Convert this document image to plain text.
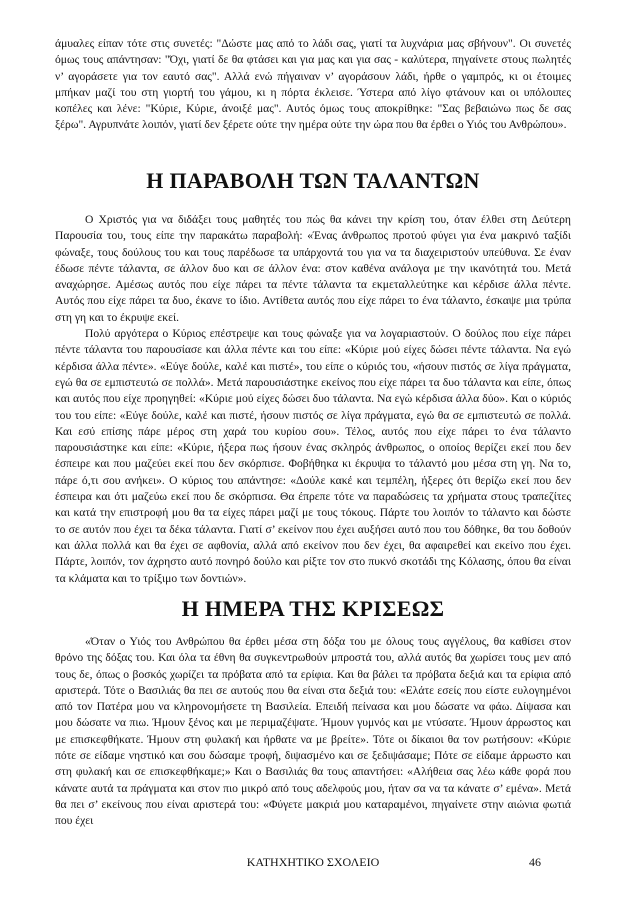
άμυαλες είπαν τότε στις συνετές: "Δώστε μας από το λάδι σας, γιατί τα λυχνάρια μας σβήνουν". Οι συνετές όμως τους απάντησαν: "Όχι, γιατί δε θα φτάσει και για μας και για σας - καλύτερα, πηγαίνετε στους πωλητές ν’ αγοράσετε για τον εαυτό σας". Αλλά ενώ πήγαιναν ν’ αγοράσουν λάδι, ήρθε ο γαμπρός, κι οι έτοιμες μπήκαν μαζί του στη γιορτή του γάμου, κι η πόρτα έκλεισε. Ύστερα από λίγο φτάνουν και οι υπόλοιπες κοπέλες και λένε: "Κύριε, Κύριε, άνοιξέ μας". Αυτός όμως τους αποκρίθηκε: "Σας βεβαιώνω πως δε σας ξέρω". Αγρυπνάτε λοιπόν, γιατί δεν ξέρετε ούτε την ημέρα ούτε την ώρα που θα έρθει ο Υιός του Ανθρώπου».

Η ΠΑΡΑΒΟΛΗ ΤΩΝ ΤΑΛΑΝΤΩΝ

Ο Χριστός για να διδάξει τους μαθητές του πώς θα κάνει την κρίση του, όταν έλθει στη Δεύτερη Παρουσία του, τους είπε την παρακάτω παραβολή: «Ένας άνθρωπος προτού φύγει για ένα μακρινό ταξίδι φώναξε, τους δούλους του και τους παρέδωσε τα υπάρχοντά του για να τα διαχειριστούν υπεύθυνα. Σε έναν έδωσε πέντε τάλαντα, σε άλλον δυο και σε άλλον ένα: στον καθένα ανάλογα με την ικανότητά του. Μετά αναχώρησε. Αμέσως αυτός που είχε πάρει τα πέντε τάλαντα τα εκμεταλλεύτηκε και κέρδισε άλλα πέντε. Αυτός που είχε πάρει τα δυο, έκανε το ίδιο. Αντίθετα αυτός που είχε πάρει το ένα τάλαντο, έσκαψε μια τρύπα στη γη και το έκρυψε εκεί.

Πολύ αργότερα ο Κύριος επέστρεψε και τους φώναξε για να λογαριαστούν. Ο δούλος που είχε πάρει πέντε τάλαντα του παρουσίασε και άλλα πέντε και του είπε: «Κύριε μού είχες δώσει πέντε τάλαντα. Να εγώ κέρδισα άλλα πέντε». «Εύγε δούλε, καλέ και πιστέ», του είπε ο κύριός του, «ήσουν πιστός σε λίγα πράγματα, εγώ θα σε εμπιστευτώ σε πολλά». Μετά παρουσιάστηκε εκείνος που είχε πάρει τα δυο τάλαντα και είπε, όπως και αυτός που είχε προηγηθεί: «Κύριε μού είχες δώσει δυο τάλαντα. Να εγώ κέρδισα άλλα δύο». Και ο κύριός του του είπε: «Εύγε δούλε, καλέ και πιστέ, ήσουν πιστός σε λίγα πράγματα, εγώ θα σε εμπιστευτώ σε πολλά. Και εσύ επίσης πάρε μέρος στη χαρά του κυρίου σου». Τέλος, αυτός που είχε πάρει το ένα τάλαντο παρουσιάστηκε και είπε: «Κύριε, ήξερα πως ήσουν ένας σκληρός άνθρωπος, ο οποίος θερίζει εκεί που δεν έσπειρε και που μαζεύει εκεί που δεν σκόρπισε. Φοβήθηκα κι έκρυψα το τάλαντό μου μέσα στη γη. Να το, πάρε ό,τι σου ανήκει». Ο κύριος του απάντησε: «Δούλε κακέ και τεμπέλη, ήξερες ότι θερίζω εκεί που δεν έσπειρα και ότι μαζεύω εκεί που δε σκόρπισα. Θα έπρεπε τότε να παραδώσεις τα χρήματα στους τραπεζίτες και κατά την επιστροφή μου θα τα είχες πάρει μαζί με τους τόκους. Πάρτε του λοιπόν το τάλαντο και δώστε το σε αυτόν που έχει τα δέκα τάλαντα. Γιατί σ’ εκείνον που έχει αυξήσει αυτό που του δόθηκε, θα του δοθούν και άλλα πολλά και θα έχει σε αφθονία, αλλά από εκείνον που δεν έχει, θα αφαιρεθεί και εκείνο που έχει. Πάρτε, λοιπόν, τον άχρηστο αυτό πονηρό δούλο και ρίξτε τον στο πυκνό σκοτάδι της Κόλασης, όπου θα είναι τα κλάματα και το τρίξιμο των δοντιών».

Η ΗΜΕΡΑ ΤΗΣ ΚΡΙΣΕΩΣ

«Όταν ο Υιός του Ανθρώπου θα έρθει μέσα στη δόξα του με όλους τους αγγέλους, θα καθίσει στον θρόνο της δόξας του. Και όλα τα έθνη θα συγκεντρωθούν μπροστά του, αλλά αυτός θα χωρίσει τους μεν από τους δε, όπως ο βοσκός χωρίζει τα πρόβατα από τα ερίφια. Και θα βάλει τα πρόβατα δεξιά και τα ερίφια από αριστερά. Τότε ο Βασιλιάς θα πει σε αυτούς που θα είναι στα δεξιά του: «Ελάτε εσείς που είστε ευλογημένοι από τον Πατέρα μου να κληρονομήσετε τη Βασιλεία. Επειδή πείνασα και μου δώσατε να φάω. Δίψασα και μου δώσατε να πιω. Ήμουν ξένος και με περιμαζέψατε. Ήμουν γυμνός και με ντύσατε. Ήμουν άρρωστος και με επισκεφθήκατε. Ήμουν στη φυλακή και ήρθατε να με βρείτε». Τότε οι δίκαιοι θα τον ρωτήσουν: «Κύριε πότε σε είδαμε νηστικό και σου δώσαμε τροφή, διψασμένο και σε ξεδιψάσαμε; Πότε σε είδαμε άρρωστο και στη φυλακή και σε επισκεφθήκαμε;» Και ο Βασιλιάς θα τους απαντήσει: «Αλήθεια σας λέω κάθε φορά που κάνατε αυτά τα πράγματα και στον πιο μικρό από τους αδελφούς μου, ήταν σα να τα κάνατε σ’ εμένα». Μετά θα πει σ’ εκείνους που είναι αριστερά του: «Φύγετε μακριά μου καταραμένοι, πηγαίνετε στην αιώνια φωτιά που έχει

ΚΑΤΗΧΗΤΙΚΟ ΣΧΟΛΕΙΟ	46
